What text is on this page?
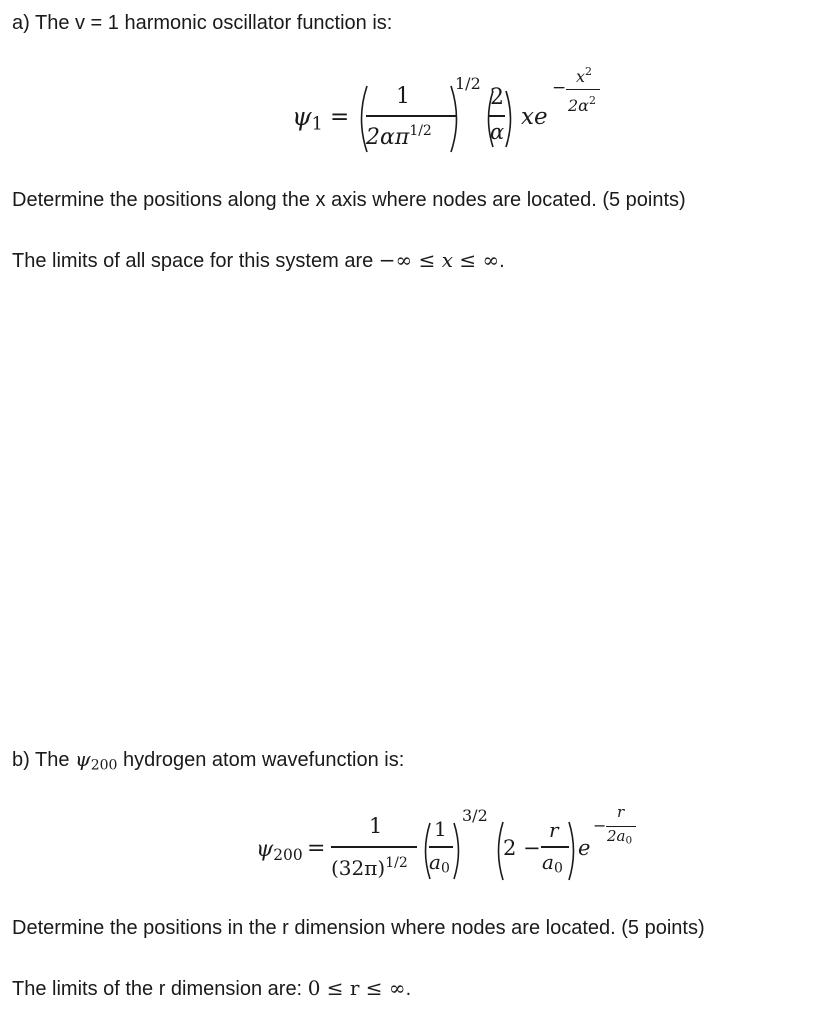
a) The v = 1 harmonic oscillator function is:
$\psi_1$ =
1
$2\alpha\pi^{1/2}$
1/2
2
α
xe
−
$x^2$
$2\alpha^2$
Determine the positions along the x axis where nodes are located. (5 points)
The limits of all space for this system are −∞ ≤ x ≤ ∞.
b) The $\psi_{200}$ hydrogen atom wavefunction is:
$\psi_{200}$ =
1
$(32\pi)^{1/2}$
1
$a_0$
3/2
2 −
r
$a_0$
e
−
r
$2a_0$
Determine the positions in the r dimension where nodes are located. (5 points)
The limits of the r dimension are: 0 ≤ r ≤ ∞.
